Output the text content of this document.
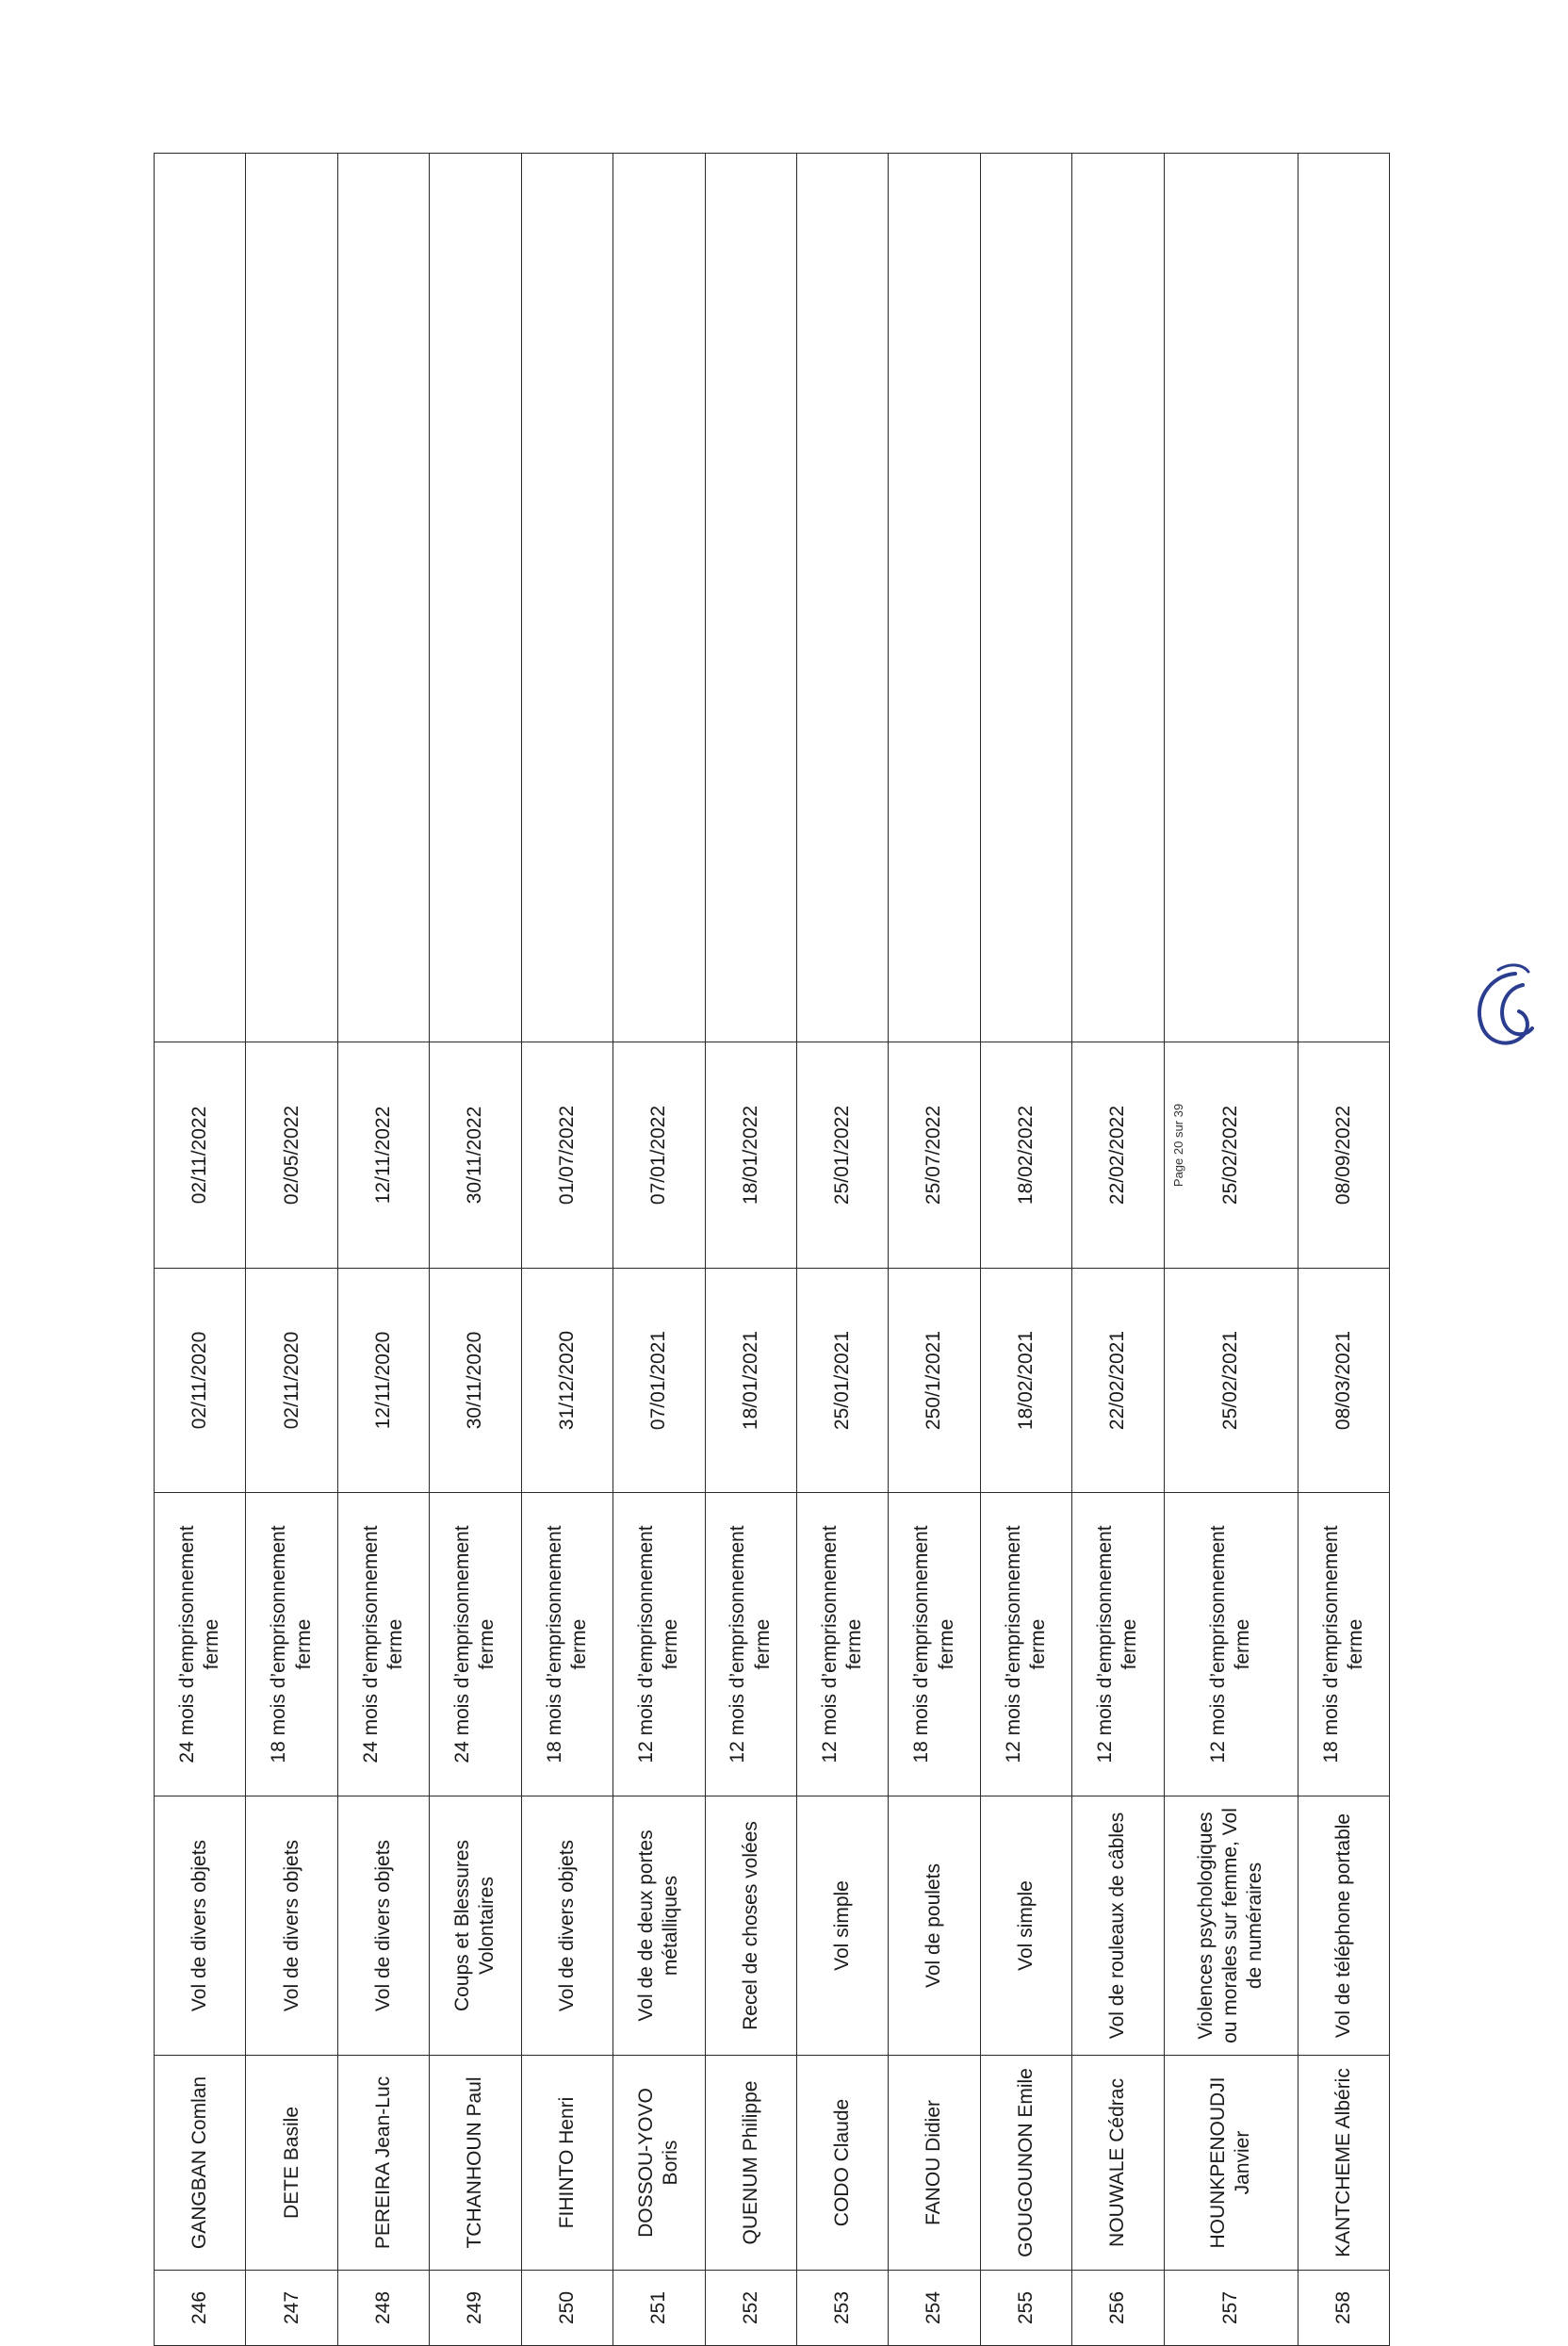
246	GANGBAN Comlan	Vol de divers objets	24 mois d’emprisonnement ferme	02/11/2020	02/11/2022	
247	DETE Basile	Vol de divers objets	18 mois d’emprisonnement ferme	02/11/2020	02/05/2022	
248	PEREIRA Jean-Luc	Vol de divers objets	24 mois d’emprisonnement ferme	12/11/2020	12/11/2022	
249	TCHANHOUN Paul	Coups et Blessures Volontaires	24 mois d’emprisonnement ferme	30/11/2020	30/11/2022	
250	FIHINTO Henri	Vol de divers objets	18 mois d’emprisonnement ferme	31/12/2020	01/07/2022	
251	DOSSOU-YOVO Boris	Vol de de deux portes métalliques	12 mois d’emprisonnement ferme	07/01/2021	07/01/2022	
252	QUENUM Philippe	Recel de choses volées	12 mois d’emprisonnement ferme	18/01/2021	18/01/2022	
253	CODO Claude	Vol simple	12 mois d’emprisonnement ferme	25/01/2021	25/01/2022	
254	FANOU Didier	Vol de poulets	18 mois d’emprisonnement ferme	250/1/2021	25/07/2022	
255	GOUGOUNON Emile	Vol simple	12 mois d’emprisonnement ferme	18/02/2021	18/02/2022	
256	NOUWALE Cédrac	Vol de rouleaux de câbles	12 mois d’emprisonnement ferme	22/02/2021	22/02/2022	
257	HOUNKPENOUDJI Janvier	Violences psychologiques ou morales sur femme, Vol de numéraires	12 mois d’emprisonnement ferme	25/02/2021	25/02/2022	
258	KANTCHEME Albéric	Vol de téléphone portable	18 mois d’emprisonnement ferme	08/03/2021	08/09/2022	
Page 20 sur 39
